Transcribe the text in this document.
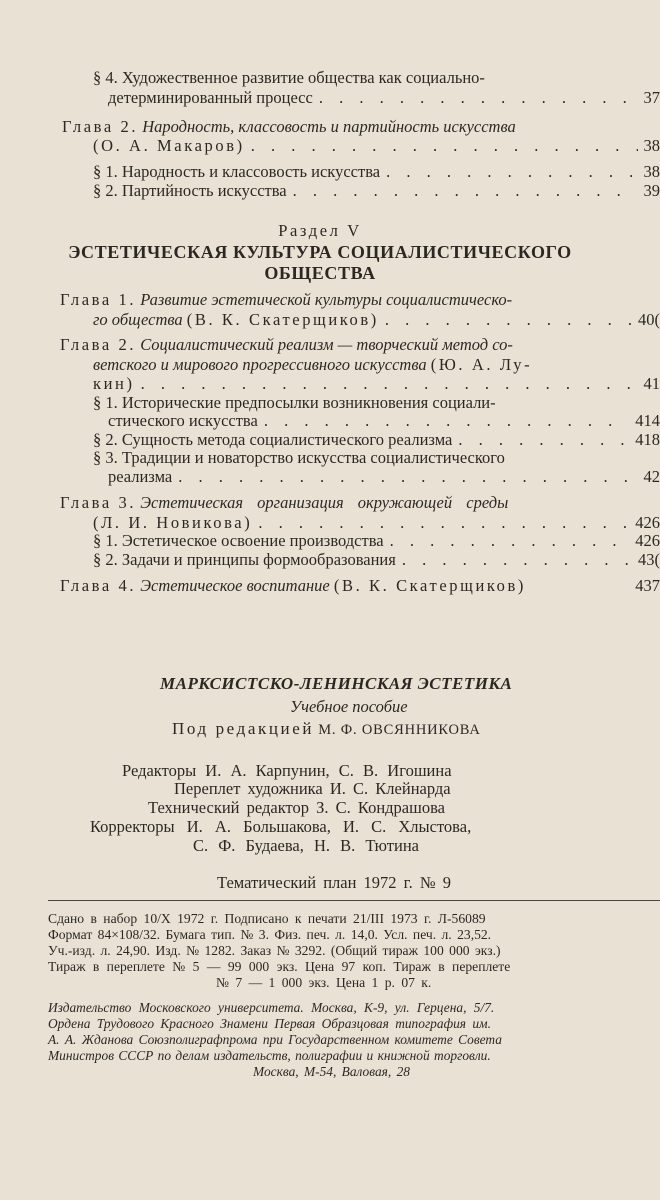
§ 4. Художественное развитие общества как социально-
детерминированный процесс . . .	37
Глава 2. Народность, классовость и партийность искусства
(О. А. Макаров) . . .	38
§ 1. Народность и классовость искусства . . .	38
§ 2. Партийность искусства . . .	39
Раздел V
ЭСТЕТИЧЕСКАЯ КУЛЬТУРА СОЦИАЛИСТИЧЕСКОГО
ОБЩЕСТВА
Глава 1. Развитие эстетической культуры социалистическо-
го общества (В. К. Скатерщиков) . . .	40(
Глава 2. Социалистический реализм — творческий метод со-
ветского и мирового прогрессивного искусства (Ю. А. Лу-
кин) . . .	41
§ 1. Исторические предпосылки возникновения социали-
стического искусства . . .	414
§ 2. Сущность метода социалистического реализма . . .	418
§ 3. Традиции и новаторство искусства социалистического
реализма . . .	42
Глава 3. Эстетическая организация окружающей среды
(Л. И. Новикова) . . .	426
§ 1. Эстетическое освоение производства . . .	426
§ 2. Задачи и принципы формообразования . . .	43(
Глава 4. Эстетическое воспитание (В. К. Скатерщиков)	437
МАРКСИСТСКО-ЛЕНИНСКАЯ ЭСТЕТИКА
Учебное пособие
Под редакцией М. Ф. ОВСЯННИКОВА
Редакторы И. А. Карпунин, С. В. Игошина
Переплет художника И. С. Клейнарда
Технический редактор З. С. Кондрашова
Корректоры И. А. Большакова, И. С. Хлыстова,
С. Ф. Будаева, Н. В. Тютина
Тематический план 1972 г. № 9
Сдано в набор 10/X 1972 г. Подписано к печати 21/III 1973 г. Л-56089
Формат 84×108/32. Бумага тип. № 3. Физ. печ. л. 14,0. Усл. печ. л. 23,52.
Уч.-изд. л. 24,90. Изд. № 1282. Заказ № 3292. (Общий тираж 100 000 экз.)
Тираж в переплете № 5 — 99 000 экз. Цена 97 коп. Тираж в переплете
№ 7 — 1 000 экз. Цена 1 р. 07 к.
Издательство Московского университета. Москва, К-9, ул. Герцена, 5/7.
Ордена Трудового Красного Знамени Первая Образцовая типография им.
А. А. Жданова Союзполиграфпрома при Государственном комитете Совета
Министров СССР по делам издательств, полиграфии и книжной торговли.
Москва, М-54, Валовая, 28
